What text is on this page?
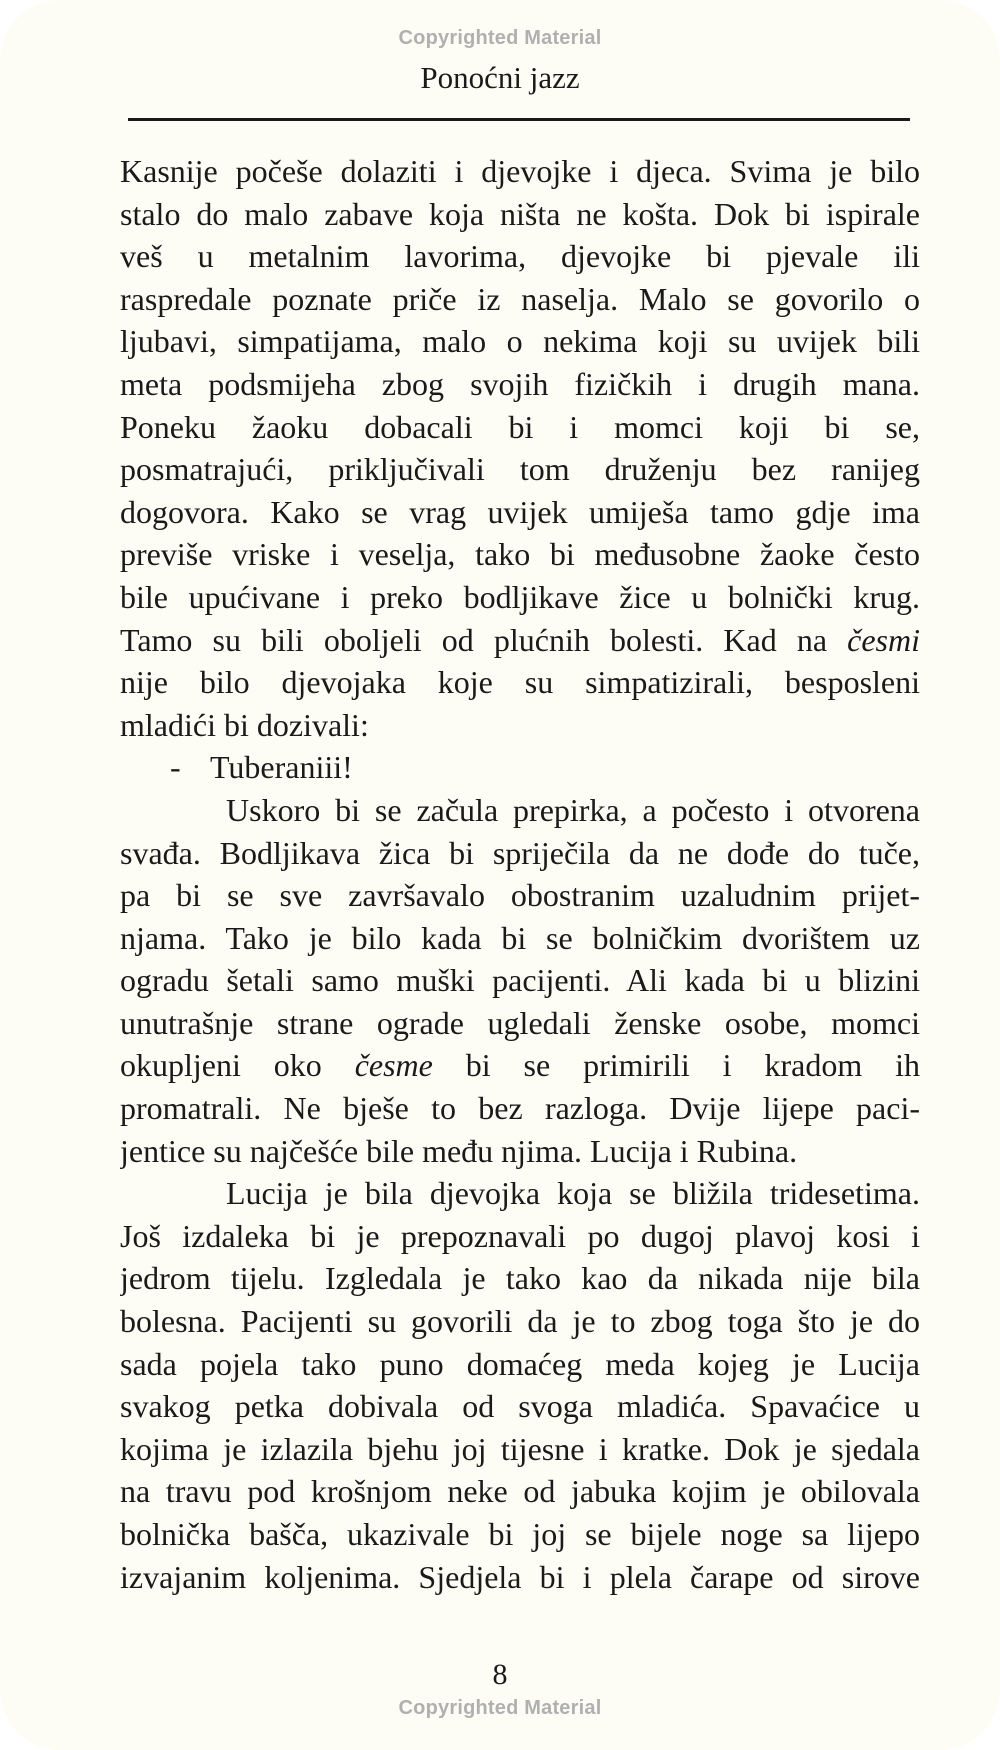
Copyrighted Material
Ponoćni jazz
Kasnije počeše dolaziti i djevojke i djeca. Svima je bilo
stalo do malo zabave koja ništa ne košta. Dok bi ispirale
veš u metalnim lavorima, djevojke bi pjevale ili
raspredale poznate priče iz naselja. Malo se govorilo o
ljubavi, simpatijama, malo o nekima koji su uvijek bili
meta podsmijeha zbog svojih fizičkih i drugih mana.
Poneku žaoku dobacali bi i momci koji bi se,
posmatrajući, priključivali tom druženju bez ranijeg
dogovora. Kako se vrag uvijek umiješa tamo gdje ima
previše vriske i veselja, tako bi međusobne žaoke često
bile upućivane i preko bodljikave žice u bolnički krug.
Tamo su bili oboljeli od plućnih bolesti. Kad na česmi
nije bilo djevojaka koje su simpatizirali, besposleni
mladići bi dozivali:
- Tuberaniii!
Uskoro bi se začula prepirka, a počesto i otvorena
svađa. Bodljikava žica bi spriječila da ne dođe do tuče,
pa bi se sve završavalo obostranim uzaludnim prijet-
njama. Tako je bilo kada bi se bolničkim dvorištem uz
ogradu šetali samo muški pacijenti. Ali kada bi u blizini
unutrašnje strane ograde ugledali ženske osobe, momci
okupljeni oko česme bi se primirili i kradom ih
promatrali. Ne bješe to bez razloga. Dvije lijepe paci-
jentice su najčešće bile među njima. Lucija i Rubina.
Lucija je bila djevojka koja se bližila tridesetima.
Još izdaleka bi je prepoznavali po dugoj plavoj kosi i
jedrom tijelu. Izgledala je tako kao da nikada nije bila
bolesna. Pacijenti su govorili da je to zbog toga što je do
sada pojela tako puno domaćeg meda kojeg je Lucija
svakog petka dobivala od svoga mladića. Spavaćice u
kojima je izlazila bjehu joj tijesne i kratke. Dok je sjedala
na travu pod krošnjom neke od jabuka kojim je obilovala
bolnička bašča, ukazivale bi joj se bijele noge sa lijepo
izvajanim koljenima. Sjedjela bi i plela čarape od sirove
8
Copyrighted Material
